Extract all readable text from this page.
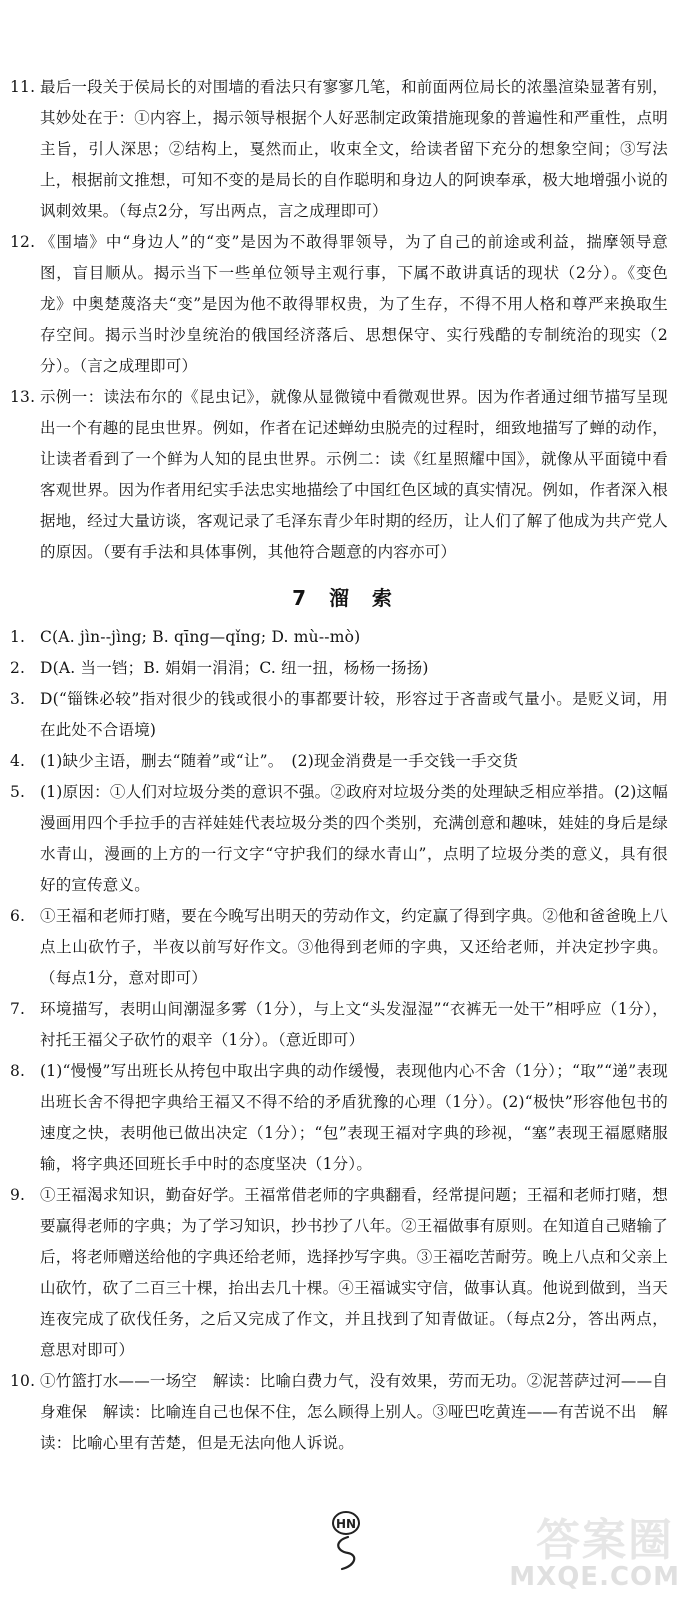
11. 最后一段关于侯局长的对围墙的看法只有寥寥几笔，和前面两位局长的浓墨渲染显著有别，其妙处在于：①内容上，揭示领导根据个人好恶制定政策措施现象的普遍性和严重性，点明主旨，引人深思；②结构上，戛然而止，收束全文，给读者留下充分的想象空间；③写法上，根据前文推想，可知不变的是局长的自作聪明和身边人的阿谀奉承，极大地增强小说的讽刺效果。（每点2分，写出两点，言之成理即可）
12. 《围墙》中“身边人”的“变”是因为不敢得罪领导，为了自己的前途或利益，揣摩领导意图，盲目顺从。揭示当下一些单位领导主观行事，下属不敢讲真话的现状（2分）。《变色龙》中奥楚蔑洛夫“变”是因为他不敢得罪权贵，为了生存，不得不用人格和尊严来换取生存空间。揭示当时沙皇统治的俄国经济落后、思想保守、实行残酷的专制统治的现实（2分）。（言之成理即可）
13. 示例一：读法布尔的《昆虫记》，就像从显微镜中看微观世界。因为作者通过细节描写呈现出一个有趣的昆虫世界。例如，作者在记述蝉幼虫脱壳的过程时，细致地描写了蝉的动作，让读者看到了一个鲜为人知的昆虫世界。示例二：读《红星照耀中国》，就像从平面镜中看客观世界。因为作者用纪实手法忠实地描绘了中国红色区域的真实情况。例如，作者深入根据地，经过大量访谈，客观记录了毛泽东青少年时期的经历，让人们了解了他成为共产党人的原因。（要有手法和具体事例，其他符合题意的内容亦可）
7 溜 索
1. C(A. jìn--jìng; B. qīng—qǐng; D. mù--mò)
2. D(A. 当一铛；B. 娟娟一涓涓；C. 纽一扭，杨杨一扬扬)
3. D(“锱铢必较”指对很少的钱或很小的事都要计较，形容过于吝啬或气量小。是贬义词，用在此处不合语境)
4. (1)缺少主语，删去“随着”或“让”。　(2)现金消费是一手交钱一手交货
5. (1)原因：①人们对垃圾分类的意识不强。②政府对垃圾分类的处理缺乏相应举措。(2)这幅漫画用四个手拉手的吉祥娃娃代表垃圾分类的四个类别，充满创意和趣味，娃娃的身后是绿水青山，漫画的上方的一行文字“守护我们的绿水青山”，点明了垃圾分类的意义，具有很好的宣传意义。
6. ①王福和老师打赌，要在今晚写出明天的劳动作文，约定赢了得到字典。②他和爸爸晚上八点上山砍竹子，半夜以前写好作文。③他得到老师的字典，又还给老师，并决定抄字典。（每点1分，意对即可）
7. 环境描写，表明山间潮湿多雾（1分），与上文“头发湿湿”“衣裤无一处干”相呼应（1分），衬托王福父子砍竹的艰辛（1分）。（意近即可）
8. (1)“慢慢”写出班长从挎包中取出字典的动作缓慢，表现他内心不舍（1分）；“取”“递”表现出班长舍不得把字典给王福又不得不给的矛盾犹豫的心理（1分）。(2)“极快”形容他包书的速度之快，表明他已做出决定（1分）；“包”表现王福对字典的珍视，“塞”表现王福愿赌服输，将字典还回班长手中时的态度坚决（1分）。
9. ①王福渴求知识，勤奋好学。王福常借老师的字典翻看，经常提问题；王福和老师打赌，想要赢得老师的字典；为了学习知识，抄书抄了八年。②王福做事有原则。在知道自己赌输了后，将老师赠送给他的字典还给老师，选择抄写字典。③王福吃苦耐劳。晚上八点和父亲上山砍竹，砍了二百三十棵，抬出去几十棵。④王福诚实守信，做事认真。他说到做到，当天连夜完成了砍伐任务，之后又完成了作文，并且找到了知青做证。（每点2分，答出两点，意思对即可）
10. ①竹篮打水——一场空　解读：比喻白费力气，没有效果，劳而无功。②泥菩萨过河——自身难保　解读：比喻连自己也保不住，怎么顾得上别人。③哑巴吃黄连——有苦说不出　解读：比喻心里有苦楚，但是无法向他人诉说。
HN	答案圈
MXQE.COM
